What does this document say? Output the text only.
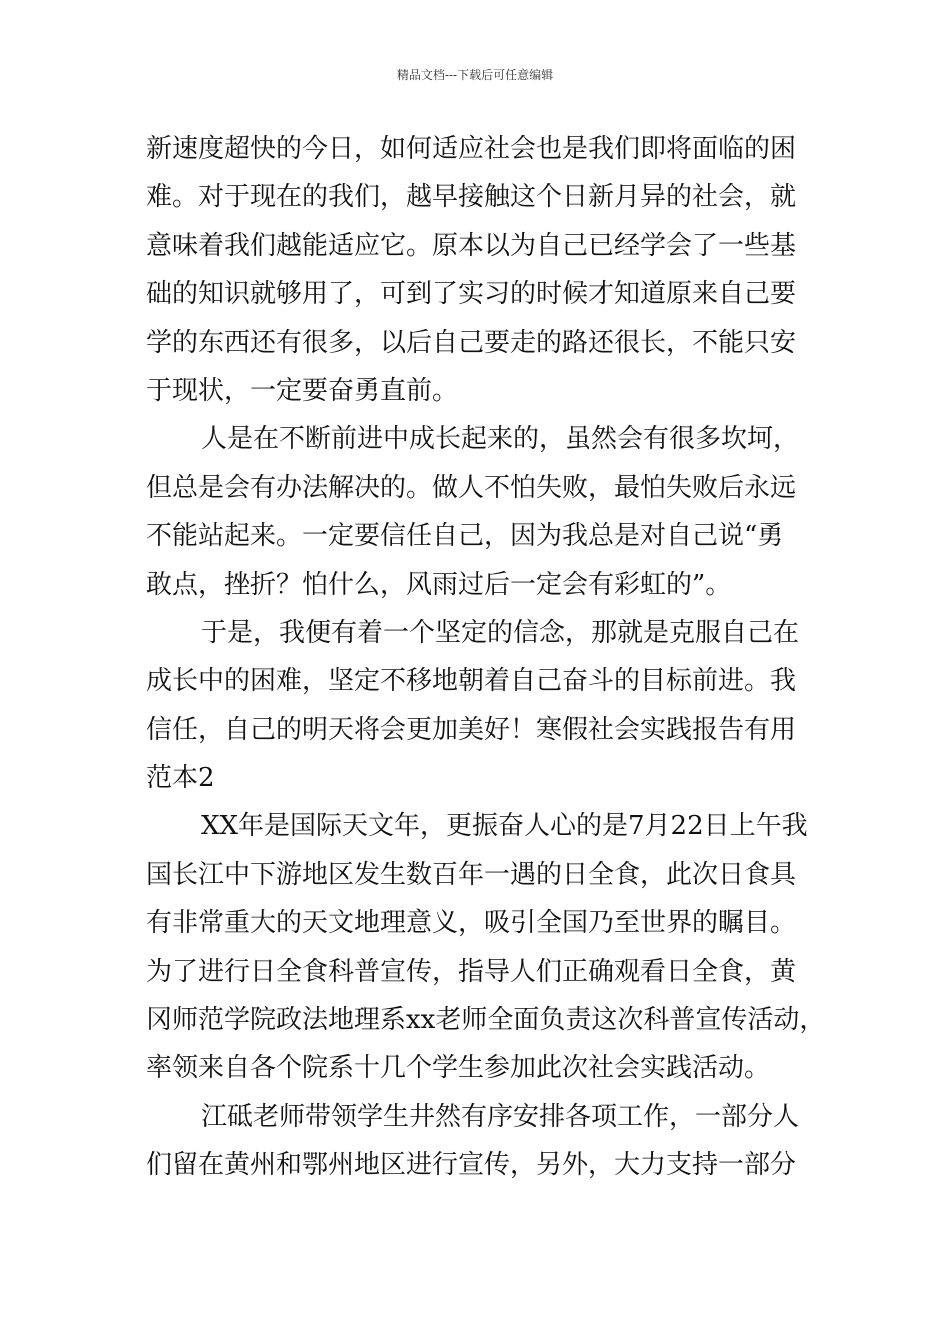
精品文档---下载后可任意编辑
新速度超快的今日，如何适应社会也是我们即将面临的困
难。对于现在的我们，越早接触这个日新月异的社会，就
意味着我们越能适应它。原本以为自己已经学会了一些基
础的知识就够用了，可到了实习的时候才知道原来自己要
学的东西还有很多，以后自己要走的路还很长，不能只安
于现状，一定要奋勇直前。
人是在不断前进中成长起来的，虽然会有很多坎坷，
但总是会有办法解决的。做人不怕失败，最怕失败后永远
不能站起来。一定要信任自己，因为我总是对自己说“勇
敢点，挫折？怕什么，风雨过后一定会有彩虹的”。
于是，我便有着一个坚定的信念，那就是克服自己在
成长中的困难，坚定不移地朝着自己奋斗的目标前进。我
信任，自己的明天将会更加美好！寒假社会实践报告有用
范本2
XX年是国际天文年，更振奋人心的是7月22日上午我
国长江中下游地区发生数百年一遇的日全食，此次日食具
有非常重大的天文地理意义，吸引全国乃至世界的瞩目。
为了进行日全食科普宣传，指导人们正确观看日全食，黄
冈师范学院政法地理系xx老师全面负责这次科普宣传活动，
率领来自各个院系十几个学生参加此次社会实践活动。
江砥老师带领学生井然有序安排各项工作，一部分人
们留在黄州和鄂州地区进行宣传，另外，大力支持一部分
